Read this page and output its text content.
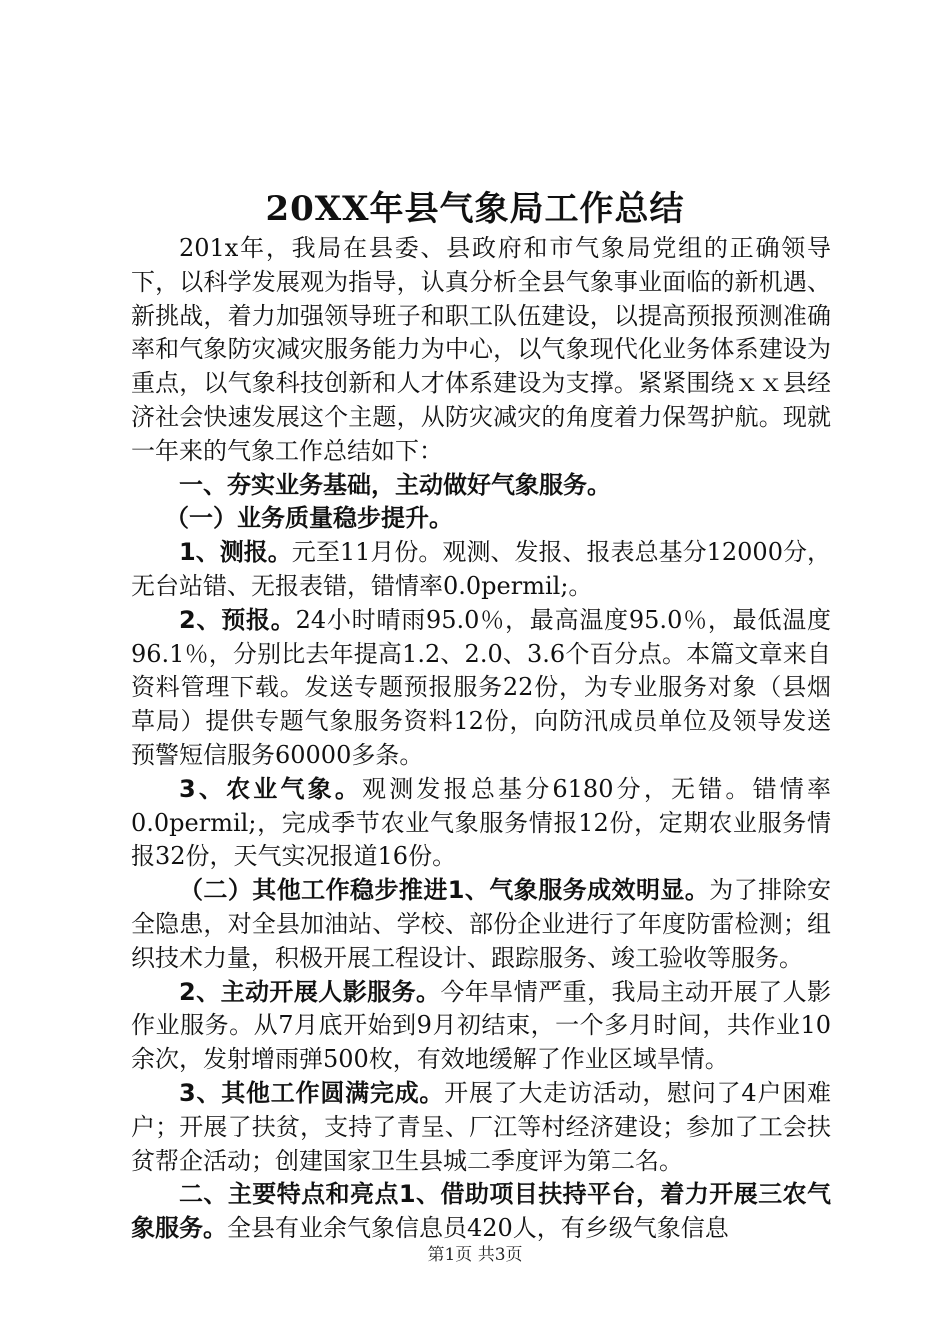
20XX年县气象局工作总结

201x年，我局在县委、县政府和市气象局党组的正确领导下，以科学发展观为指导，认真分析全县气象事业面临的新机遇、新挑战，着力加强领导班子和职工队伍建设，以提高预报预测准确率和气象防灾减灾服务能力为中心，以气象现代化业务体系建设为重点，以气象科技创新和人才体系建设为支撑。紧紧围绕ｘｘ县经济社会快速发展这个主题，从防灾减灾的角度着力保驾护航。现就一年来的气象工作总结如下：

一、夯实业务基础，主动做好气象服务。

（一）业务质量稳步提升。

1、测报。元至11月份。观测、发报、报表总基分12000分，无台站错、无报表错，错情率0.0permil;。

2、预报。24小时晴雨95.0％，最高温度95.0％，最低温度96.1％，分别比去年提高1.2、2.0、3.6个百分点。本篇文章来自资料管理下载。发送专题预报服务22份，为专业服务对象（县烟草局）提供专题气象服务资料12份，向防汛成员单位及领导发送预警短信服务60000多条。

3、农业气象。观测发报总基分6180分，无错。错情率0.0permil;，完成季节农业气象服务情报12份，定期农业服务情报32份，天气实况报道16份。

（二）其他工作稳步推进1、气象服务成效明显。为了排除安全隐患，对全县加油站、学校、部份企业进行了年度防雷检测；组织技术力量，积极开展工程设计、跟踪服务、竣工验收等服务。

2、主动开展人影服务。今年旱情严重，我局主动开展了人影作业服务。从7月底开始到9月初结束，一个多月时间，共作业10余次，发射增雨弹500枚，有效地缓解了作业区域旱情。

3、其他工作圆满完成。开展了大走访活动，慰问了4户困难户；开展了扶贫，支持了青呈、厂江等村经济建设；参加了工会扶贫帮企活动；创建国家卫生县城二季度评为第二名。

二、主要特点和亮点1、借助项目扶持平台，着力开展三农气象服务。全县有业余气象信息员420人，有乡级气象信息

第1页 共3页
